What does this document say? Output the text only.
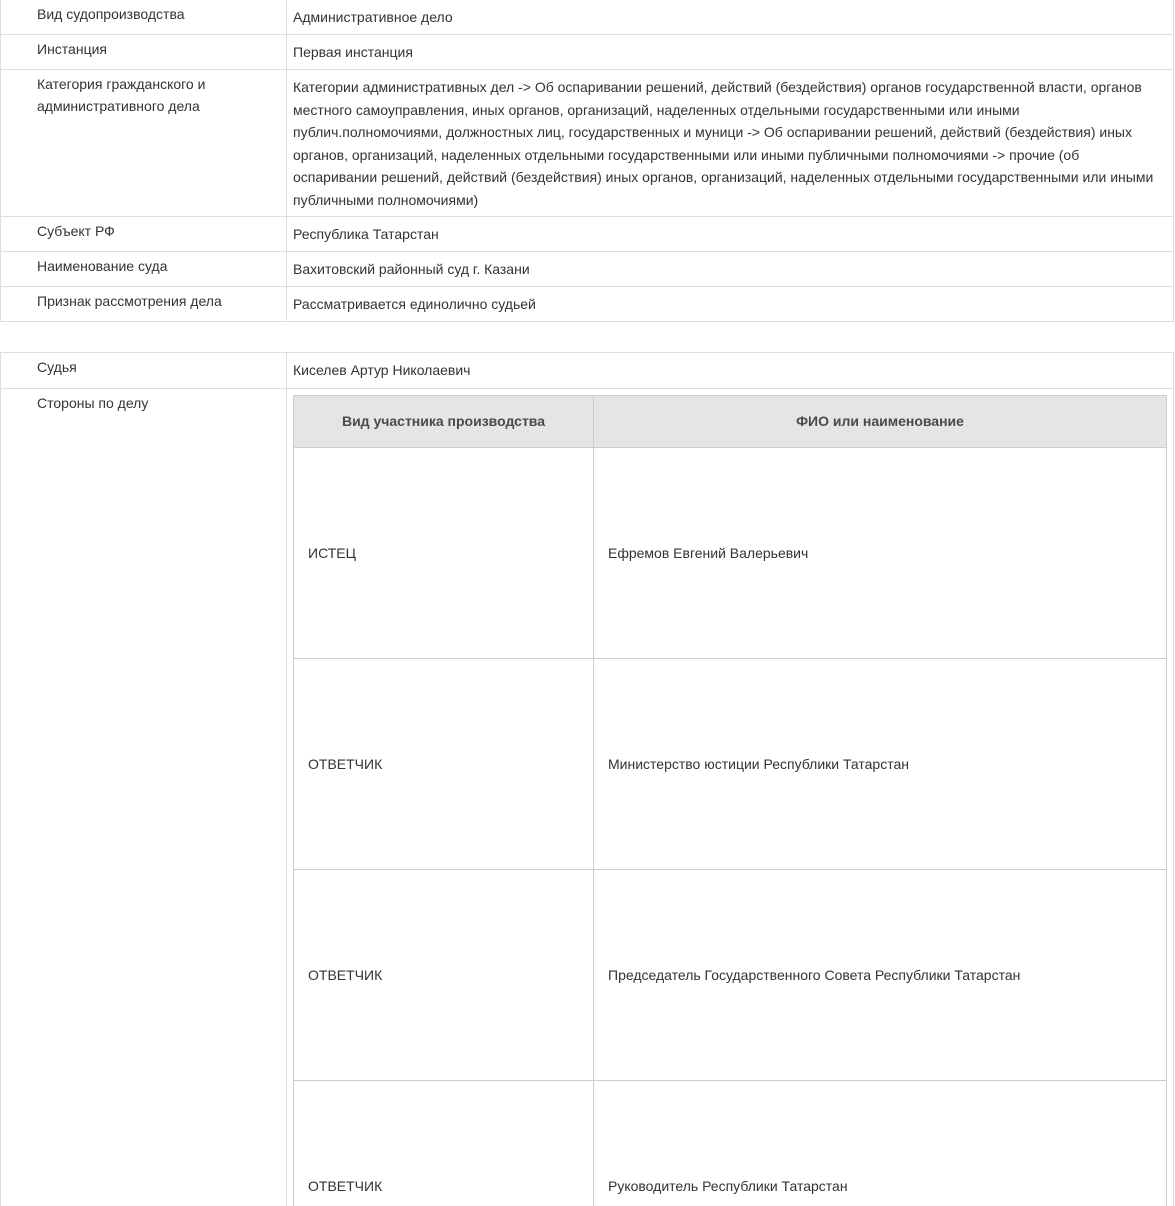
Вид судопроизводства	Административное дело
Инстанция	Первая инстанция
Категория гражданского и административного дела	Категории административных дел -> Об оспаривании решений, действий (бездействия) органов государственной власти, органов местного самоуправления, иных органов, организаций, наделенных отдельными государственными или иными публич.полномочиями, должностных лиц, государственных и муници -> Об оспаривании решений, действий (бездействия) иных органов, организаций, наделенных отдельными государственными или иными публичными полномочиями -> прочие (об оспаривании решений, действий (бездействия) иных органов, организаций, наделенных отдельными государственными или иными публичными полномочиями)
Субъект РФ	Республика Татарстан
Наименование суда	Вахитовский районный суд г. Казани
Признак рассмотрения дела	Рассматривается единолично судьей
Судья	Киселев Артур Николаевич
Стороны по делу	
Вид участника производства	ФИО или наименование
ИСТЕЦ	Ефремов Евгений Валерьевич
ОТВЕТЧИК	Министерство юстиции Республики Татарстан
ОТВЕТЧИК	Председатель Государственного Совета Республики Татарстан
ОТВЕТЧИК	Руководитель Республики Татарстан
